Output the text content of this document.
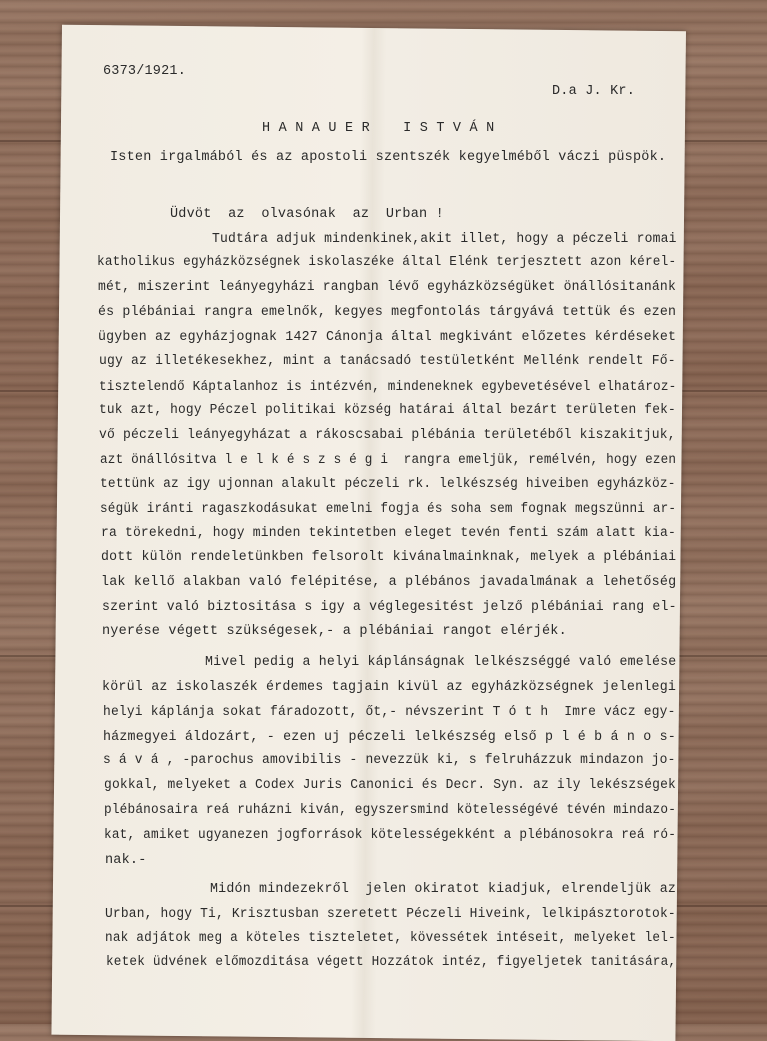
6373/1921.
D.a J. Kr.
H A N A U E R    I S T V Á N
Isten irgalmából és az apostoli szentszék kegyelméből váczi püspök.
Üdvöt  az  olvasónak  az  Urban !
Tudtára adjuk mindenkinek,akit illet, hogy a péczeli romai
katholikus egyházközségnek iskolaszéke által Elénk terjesztett azon kérel-
mét, miszerint leányegyházi rangban lévő egyházközségüket önállósitanánk
és plébániai rangra emelnők, kegyes megfontolás tárgyává tettük és ezen
ügyben az egyházjognak 1427 Cánonja által megkivánt előzetes kérdéseket
ugy az illetékesekhez, mint a tanácsadó testületként Mellénk rendelt Fő-
tisztelendő Káptalanhoz is intézvén, mindeneknek egybevetésével elhatároz-
tuk azt, hogy Péczel politikai község határai által bezárt területen fek-
vő péczeli leányegyházat a rákoscsabai plébánia területéből kiszakitjuk,
azt önállósitva l e l k é s z s é g i  rangra emeljük, remélvén, hogy ezen
tettünk az igy ujonnan alakult péczeli rk. lelkészség hiveiben egyházköz-
ségük iránti ragaszkodásukat emelni fogja és soha sem fognak megszünni ar-
ra törekedni, hogy minden tekintetben eleget tevén fenti szám alatt kia-
dott külön rendeletünkben felsorolt kivánalmainknak, melyek a plébániai
lak kellő alakban való felépitése, a plébános javadalmának a lehetőség
szerint való biztositása s igy a véglegesitést jelző plébániai rang el-
nyerése végett szükségesek,- a plébániai rangot elérjék.
Mivel pedig a helyi káplánságnak lelkészséggé való emelése
körül az iskolaszék érdemes tagjain kivül az egyházközségnek jelenlegi
helyi káplánja sokat fáradozott, őt,- névszerint T ó t h  Imre vácz egy-
házmegyei áldozárt, - ezen uj péczeli lelkészség első p l é b á n o s-
s á v á , -parochus amovibilis - nevezzük ki, s felruházzuk mindazon jo-
gokkal, melyeket a Codex Juris Canonici és Decr. Syn. az ily lekészségek
plébánosaira reá ruházni kiván, egyszersmind kötelességévé tévén mindazo-
kat, amiket ugyanezen jogforrások kötelességekként a plébánosokra reá ró-
nak.-
Midón mindezekről  jelen okiratot kiadjuk, elrendeljük az
Urban, hogy Ti, Krisztusban szeretett Péczeli Hiveink, lelkipásztorotok-
nak adjátok meg a köteles tiszteletet, kövessétek intéseit, melyeket lel-
ketek üdvének előmozditása végett Hozzátok intéz, figyeljetek tanitására,
